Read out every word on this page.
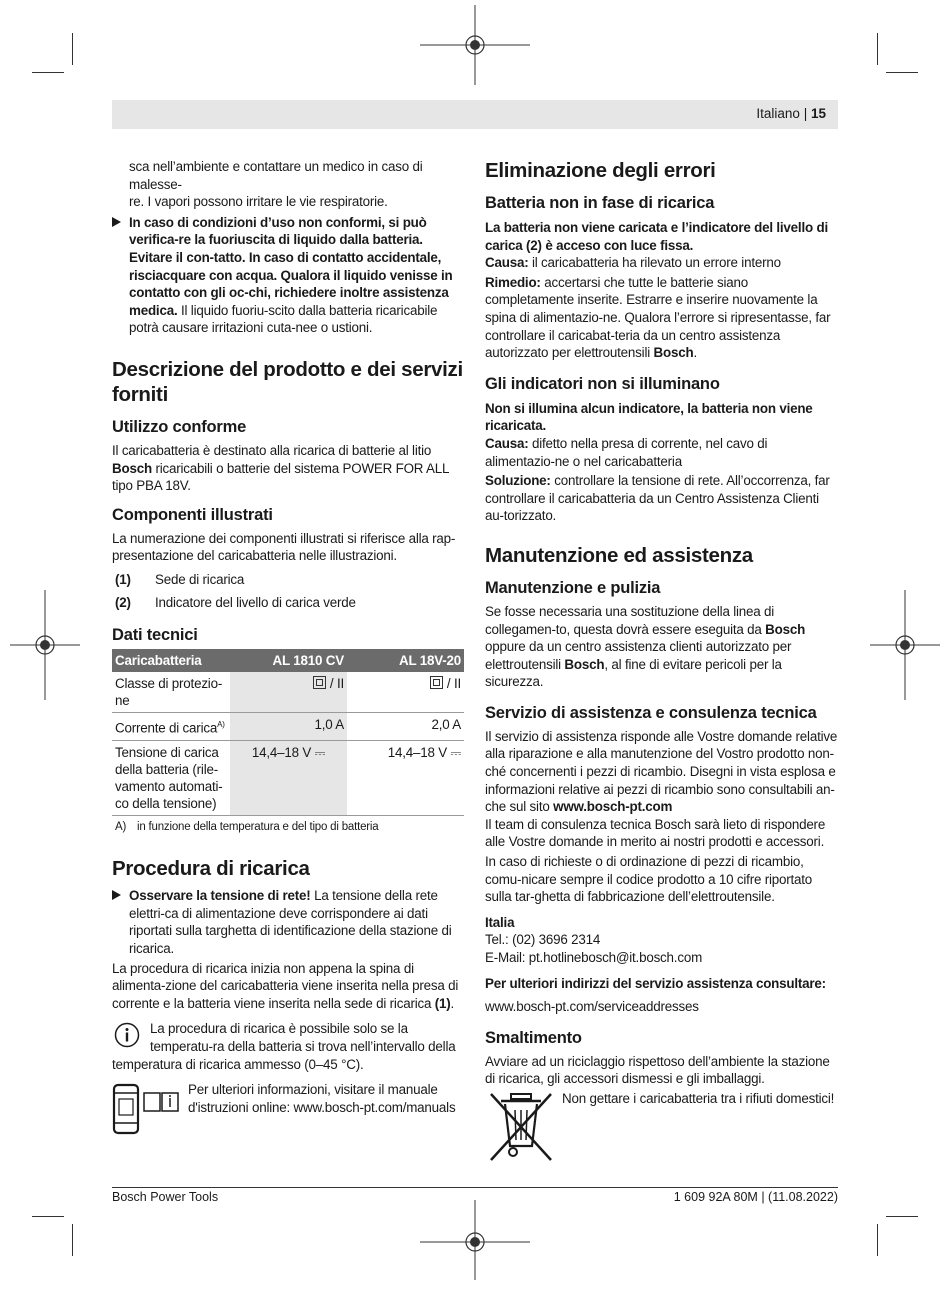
Italiano | 15
sca nell’ambiente e contattare un medico in caso di malesse-
re. I vapori possono irritare le vie respiratorie.
In caso di condizioni d’uso non conformi, si può verifica-re la fuoriuscita di liquido dalla batteria. Evitare il con-tatto. In caso di contatto accidentale, risciacquare con acqua. Qualora il liquido venisse in contatto con gli oc-chi, richiedere inoltre assistenza medica. Il liquido fuoriu-scito dalla batteria ricaricabile potrà causare irritazioni cuta-nee o ustioni.
Descrizione del prodotto e dei servizi forniti
Utilizzo conforme

Il caricabatteria è destinato alla ricarica di batterie al litio Bosch ricaricabili o batterie del sistema POWER FOR ALL tipo PBA 18V.

Componenti illustrati

La numerazione dei componenti illustrati si riferisce alla rap-presentazione del caricabatteria nelle illustrazioni.

(1)	Sede di ricarica
(2)	Indicatore del livello di carica verde
Dati tecnici
Caricabatteria	AL 1810 CV	AL 18V-20
Classe di protezio-ne	/ II	/ II
Corrente di carica$^{A)}$	1,0 A	2,0 A
Tensione di carica della batteria (rile-vamento automati-co della tensione)	14,4–18 V ⎓	14,4–18 V ⎓
A) in funzione della temperatura e del tipo di batteria
Procedura di ricarica
Osservare la tensione di rete! La tensione della rete elettri-ca di alimentazione deve corrispondere ai dati riportati sulla targhetta di identificazione della stazione di ricarica.

La procedura di ricarica inizia non appena la spina di alimenta-zione del caricabatteria viene inserita nella presa di corrente e la batteria viene inserita nella sede di ricarica (1).

La procedura di ricarica è possibile solo se la temperatu-ra della batteria si trova nell’intervallo della temperatura di ricarica ammesso (0–45 °C).

Per ulteriori informazioni, visitare il manuale d'istruzioni online: www.bosch-pt.com/manuals

Eliminazione degli errori
Batteria non in fase di ricarica

La batteria non viene caricata e l’indicatore del livello di carica (2) è acceso con luce fissa.

Causa: il caricabatteria ha rilevato un errore interno

Rimedio: accertarsi che tutte le batterie siano completamente inserite. Estrarre e inserire nuovamente la spina di alimentazio-ne. Qualora l’errore si ripresentasse, far controllare il caricabat-teria da un centro assistenza autorizzato per elettroutensili Bosch.

Gli indicatori non si illuminano

Non si illumina alcun indicatore, la batteria non viene ricaricata.

Causa: difetto nella presa di corrente, nel cavo di alimentazio-ne o nel caricabatteria

Soluzione: controllare la tensione di rete. All’occorrenza, far controllare il caricabatteria da un Centro Assistenza Clienti au-torizzato.

Manutenzione ed assistenza
Manutenzione e pulizia

Se fosse necessaria una sostituzione della linea di collegamen-to, questa dovrà essere eseguita da Bosch oppure da un centro assistenza clienti autorizzato per elettroutensili Bosch, al fine di evitare pericoli per la sicurezza.

Servizio di assistenza e consulenza tecnica

Il servizio di assistenza risponde alle Vostre domande relative alla riparazione e alla manutenzione del Vostro prodotto non-ché concernenti i pezzi di ricambio. Disegni in vista esplosa e informazioni relative ai pezzi di ricambio sono consultabili an-che sul sito www.bosch-pt.com

Il team di consulenza tecnica Bosch sarà lieto di rispondere alle Vostre domande in merito ai nostri prodotti e accessori.

In caso di richieste o di ordinazione di pezzi di ricambio, comu-nicare sempre il codice prodotto a 10 cifre riportato sulla tar-ghetta di fabbricazione dell’elettroutensile.

Italia

Tel.: (02) 3696 2314

E-Mail: pt.hotlinebosch@it.bosch.com

Per ulteriori indirizzi del servizio assistenza consultare:

www.bosch-pt.com/serviceaddresses

Smaltimento

Avviare ad un riciclaggio rispettoso dell’ambiente la stazione di ricarica, gli accessori dismessi e gli imballaggi.

Non gettare i caricabatteria tra i rifiuti domestici!

Bosch Power Tools	1 609 92A 80M | (11.08.2022)
